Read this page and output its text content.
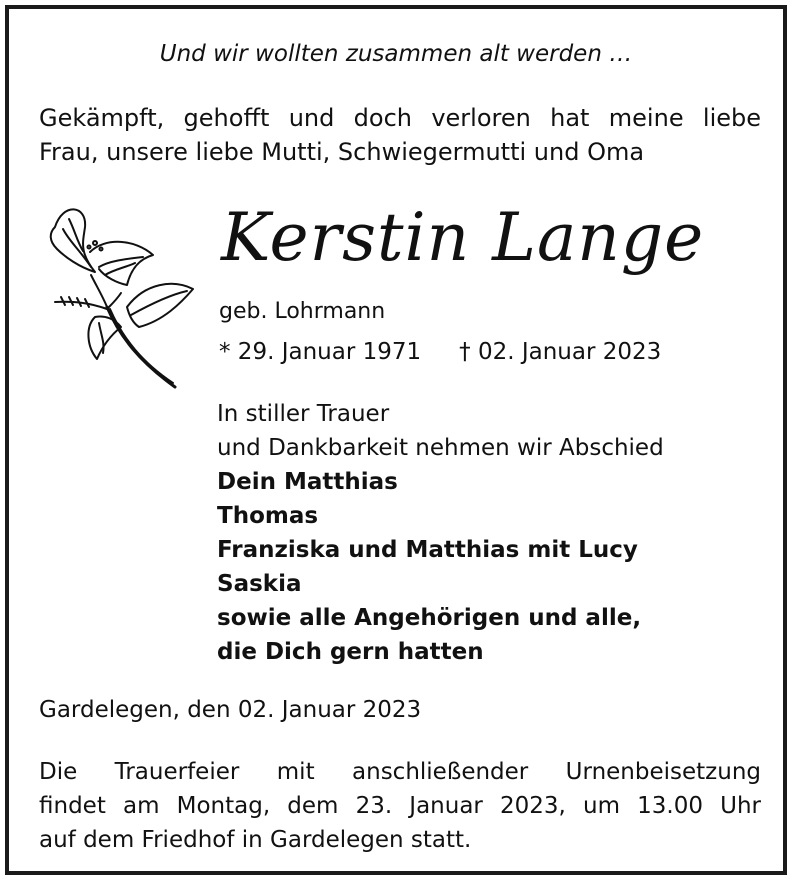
Und wir wollten zusammen alt werden …
Gekämpft, gehofft und doch verloren hat meine liebe
Frau, unsere liebe Mutti, Schwiegermutti und Oma
Kerstin Lange
geb. Lohrmann
* 29. Januar 1971 † 02. Januar 2023
In stiller Trauer
und Dankbarkeit nehmen wir Abschied
Dein Matthias
Thomas
Franziska und Matthias mit Lucy
Saskia
sowie alle Angehörigen und alle,
die Dich gern hatten
Gardelegen, den 02. Januar 2023
Die Trauerfeier mit anschließender Urnenbeisetzung
findet am Montag, dem 23. Januar 2023, um 13.00 Uhr
auf dem Friedhof in Gardelegen statt.
